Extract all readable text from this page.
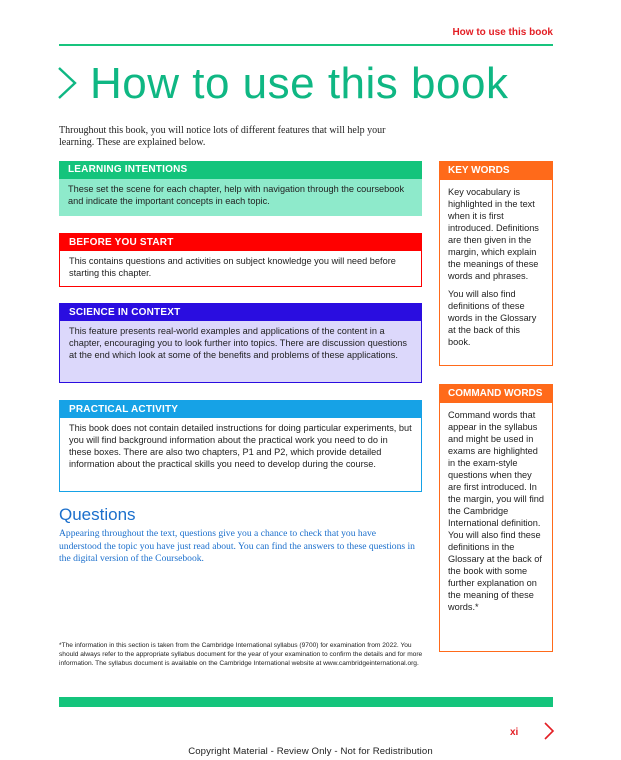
How to use this book
How to use this book
Throughout this book, you will notice lots of different features that will help your learning. These are explained below.
LEARNING INTENTIONS
These set the scene for each chapter, help with navigation through the coursebook and indicate the important concepts in each topic.
BEFORE YOU START
This contains questions and activities on subject knowledge you will need before starting this chapter.
SCIENCE IN CONTEXT
This feature presents real-world examples and applications of the content in a chapter, encouraging you to look further into topics. There are discussion questions at the end which look at some of the benefits and problems of these applications.
PRACTICAL ACTIVITY
This book does not contain detailed instructions for doing particular experiments, but you will find background information about the practical work you need to do in these boxes. There are also two chapters, P1 and P2, which provide detailed information about the practical skills you need to develop during the course.
KEY WORDS

Key vocabulary is highlighted in the text when it is first introduced. Definitions are then given in the margin, which explain the meanings of these words and phrases.

You will also find definitions of these words in the Glossary at the back of this book.

COMMAND WORDS

Command words that appear in the syllabus and might be used in exams are highlighted in the exam-style questions when they are first introduced. In the margin, you will find the Cambridge International definition. You will also find these definitions in the Glossary at the back of the book with some further explanation on the meaning of these words.*

Questions
Appearing throughout the text, questions give you a chance to check that you have understood the topic you have just read about. You can find the answers to these questions in the digital version of the Coursebook.
*The information in this section is taken from the Cambridge International syllabus (9700) for examination from 2022. You should always refer to the appropriate syllabus document for the year of your examination to confirm the details and for more information. The syllabus document is available on the Cambridge International website at www.cambridgeinternational.org.
xi
Copyright Material - Review Only - Not for Redistribution
